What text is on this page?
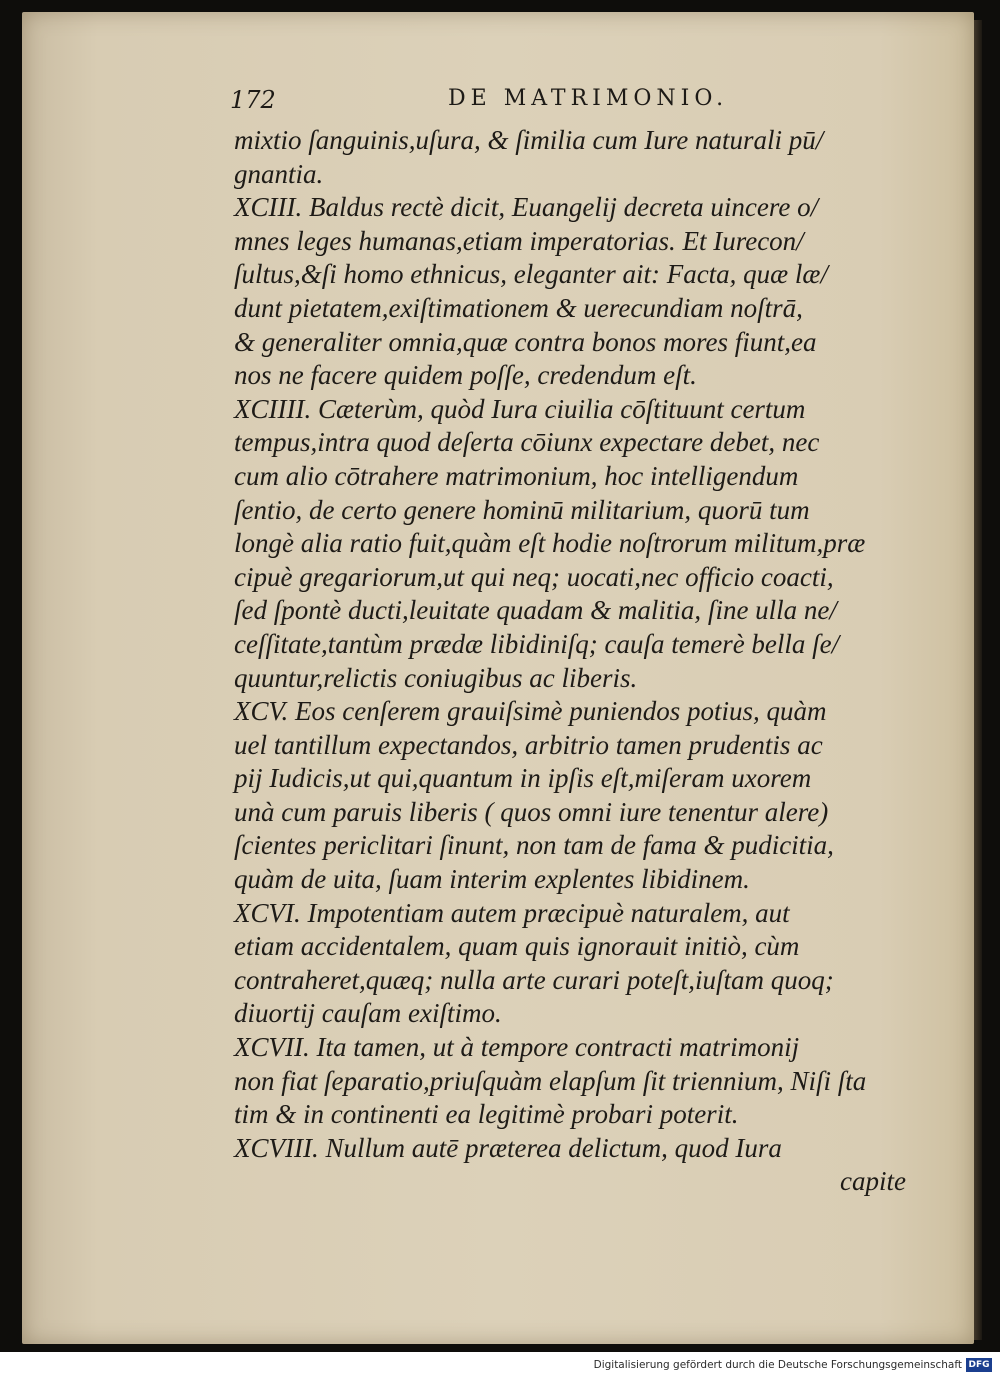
172	DE MATRIMONIO.
mixtio ſanguinis,uſura, & ſimilia cum Iure naturali pū/
gnantia.
XCIII. Baldus rectè dicit, Euangelij decreta uincere o/
mnes leges humanas,etiam imperatorias. Et Iurecon/
ſultus,&ſi homo ethnicus, eleganter ait: Facta, quæ læ/
dunt pietatem,exiſtimationem & uerecundiam noſtrā,
& generaliter omnia,quæ contra bonos mores fiunt,ea
nos ne facere quidem poſſe, credendum eſt.
XCIIII. Cæterùm, quòd Iura ciuilia cōſtituunt certum
tempus,intra quod deſerta cōiunx expectare debet, nec
cum alio cōtrahere matrimonium, hoc intelligendum
ſentio, de certo genere hominū militarium, quorū tum
longè alia ratio fuit,quàm eſt hodie noſtrorum militum,præ
cipuè gregariorum,ut qui neq; uocati,nec officio coacti,
ſed ſpontè ducti,leuitate quadam & malitia, ſine ulla ne/
ceſſitate,tantùm prædæ libidiniſq; cauſa temerè bella ſe/
quuntur,relictis coniugibus ac liberis.
XCV. Eos cenſerem grauiſsimè puniendos potius, quàm
uel tantillum expectandos, arbitrio tamen prudentis ac
pij Iudicis,ut qui,quantum in ipſis eſt,miſeram uxorem
unà cum paruis liberis ( quos omni iure tenentur alere)
ſcientes periclitari ſinunt, non tam de fama & pudicitia,
quàm de uita, ſuam interim explentes libidinem.
XCVI. Impotentiam autem præcipuè naturalem, aut
etiam accidentalem, quam quis ignorauit initiò, cùm
contraheret,quæq; nulla arte curari poteſt,iuſtam quoq;
diuortij cauſam exiſtimo.
XCVII. Ita tamen, ut à tempore contracti matrimonij
non fiat ſeparatio,priuſquàm elapſum ſit triennium, Niſi ſta
tim & in continenti ea legitimè probari poterit.
XCVIII. Nullum autē præterea delictum, quod Iura
capite
Digitalisierung gefördert durch die Deutsche Forschungsgemeinschaft DFG
